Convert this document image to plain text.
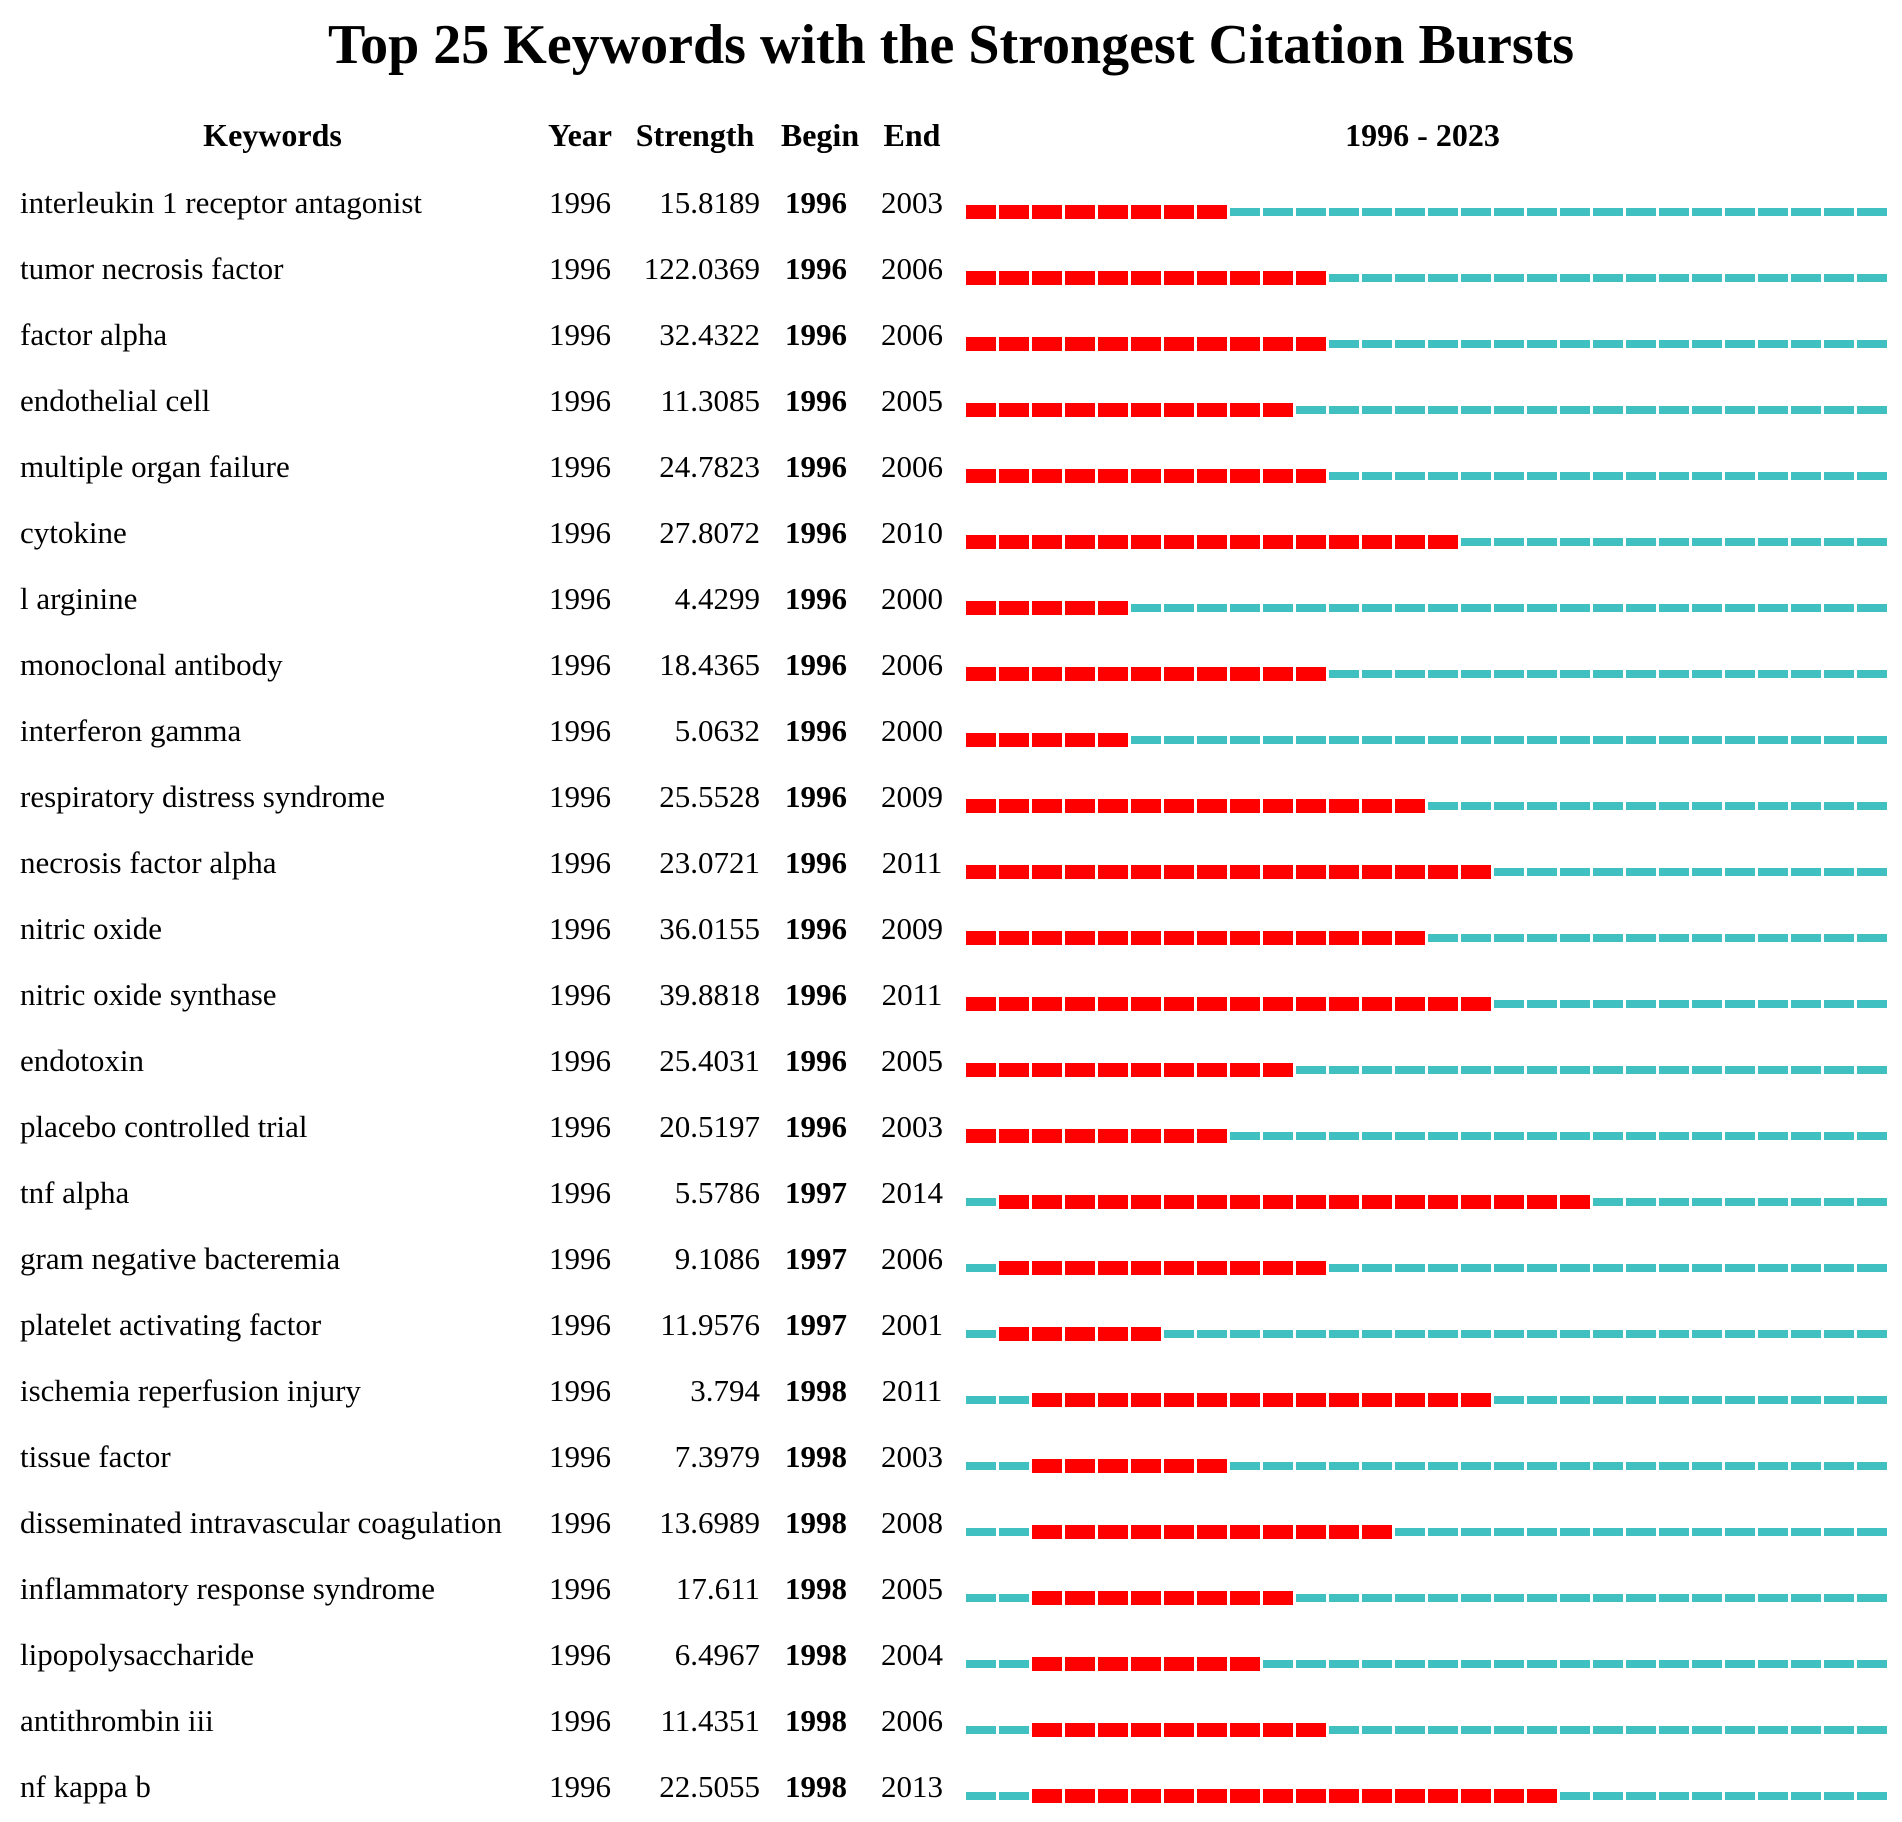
Top 25 Keywords with the Strongest Citation Bursts
Keywords	Year Strength Begin End	1996 - 2023
interleukin 1 receptor antagonist	1996	15.8189 1996 2003
tumor necrosis factor	1996	122.0369 1996 2006
factor alpha	1996	32.4322 1996 2006
endothelial cell	1996	11.3085 1996 2005
multiple organ failure	1996	24.7823 1996 2006
cytokine	1996	27.8072 1996 2010
l arginine	1996	4.4299 1996 2000
monoclonal antibody	1996	18.4365 1996 2006
interferon gamma	1996	5.0632 1996 2000
respiratory distress syndrome	1996	25.5528 1996 2009
necrosis factor alpha	1996	23.0721 1996 2011
nitric oxide	1996	36.0155 1996 2009
nitric oxide synthase	1996	39.8818 1996 2011
endotoxin	1996	25.4031 1996 2005
placebo controlled trial	1996	20.5197 1996 2003
tnf alpha	1996	5.5786 1997 2014
gram negative bacteremia	1996	9.1086 1997 2006
platelet activating factor	1996	11.9576 1997 2001
ischemia reperfusion injury	1996	3.794 1998 2011
tissue factor	1996	7.3979 1998 2003
disseminated intravascular coagulation	1996	13.6989 1998 2008
inflammatory response syndrome	1996	17.611 1998 2005
lipopolysaccharide	1996	6.4967 1998 2004
antithrombin iii	1996	11.4351 1998 2006
nf kappa b	1996	22.5055 1998 2013
